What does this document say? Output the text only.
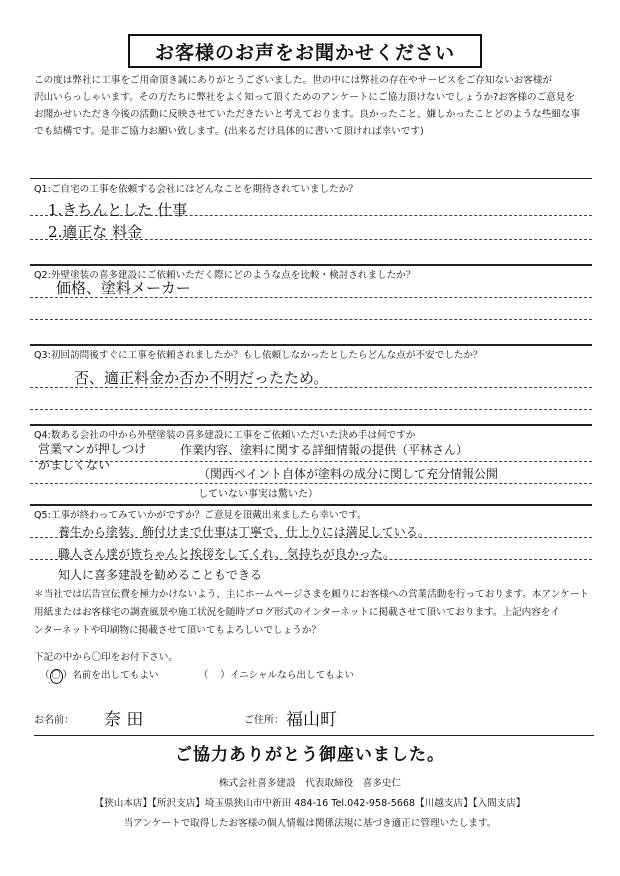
お客様のお声をお聞かせください
この度は弊社に工事をご用命頂き誠にありがとうございました。世の中には弊社の存在やサービスをご存知ないお客様が
沢山いらっしゃいます。その方たちに弊社をよく知って頂くためのアンケートにご協力頂けないでしょうか?お客様のご意見を
お聞かせいただき今後の活動に反映させていただきたいと考えております。良かったこと、嫌しかったことどのような些細な事
でも結構です。是非ご協力お願い致します。(出来るだけ具体的に書いて頂ければ幸いです)
Q1:ご自宅の工事を依頼する会社にはどんなことを期待されていましたか？
1.きちんとした 仕事
2.適正な 料金
Q2:外壁塗装の喜多建設にご依頼いただく際にどのような点を比較・検討されましたか？
価格、塗料メーカー
Q3:初回訪問後すぐに工事を依頼されましたか？もし依頼しなかったとしたらどんな点が不安でしたか？
否、適正料金か否か不明だったため。
Q4:数ある会社の中から外壁塗装の喜多建設に工事をご依頼いただいた決め手は何ですか
営業マンが押しつけがましくない
作業内容、塗料に関する詳細情報の提供（平林さん）
（関西ペイント自体が塗料の成分に関して充分情報公開
していない事実は驚いた）
Q5:工事が終わってみていかがですか？ご意見を頂戴出来ましたら幸いです。
養生から塗装、飾付けまで仕事は丁寧で、仕上りには満足している。
職人さん達が皆ちゃんと挨拶をしてくれ、気持ちが良かった。
知人に喜多建設を勧めることもできる
＊当社では広告宣伝費を極力かけないよう、主にホームページさまを頼りにお客様への営業活動を行っております。本アンケート
用紙またはお客様宅の調査風景や施工状況を随時ブログ形式のインターネットに掲載させて頂いております。上記内容をイ
ンターネットや印刷物に掲載させて頂いてもよろしいでしょうか？
下記の中から〇印をお付下さい。
（ 〇 ）名前を出してもよい	（ ）イニシャルなら出してもよい
お名前： 奈 田	ご住所： 福山町
ご協力ありがとう御座いました。
株式会社喜多建設　代表取締役　喜多史仁
【狭山本店】【所沢支店】埼玉県狭山市中新田 484-16 Tel.042-958-5668【川越支店】【入間支店】
当アンケートで取得したお客様の個人情報は関係法規に基づき適正に管理いたします。
